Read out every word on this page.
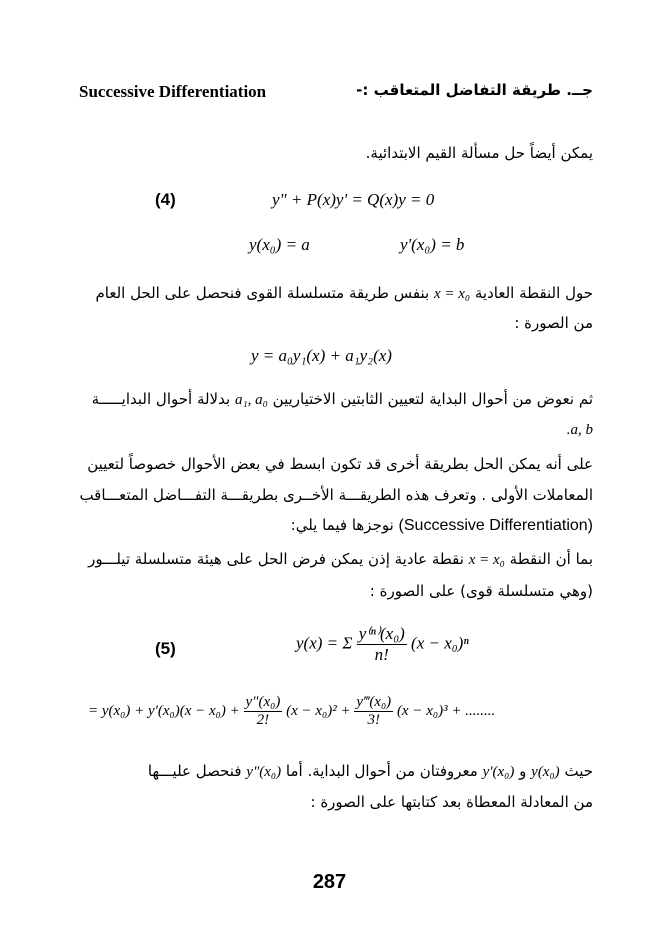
Successive Differentiation	جــ. طريقة التفاضل المتعاقب :-
يمكن أيضاً حل مسألة القيم الابتدائية.
(4)	y" + P(x)y' = Q(x)y = 0
y(x₀) = a	y'(x₀) = b
حول النقطة العادية x = x₀ بنفس طريقة متسلسلة القوى فنحصل على الحل العام
من الصورة :
y = a₀y₁(x) + a₁y₂(x)
ثم نعوض من أحوال البداية لتعيين الثابتين الاختياريين a₁, a₀ بدلالة أحوال البدايـــــة
.a, b
على أنه يمكن الحل بطريقة أخرى قد تكون ابسط في بعض الأحوال خصوصاً لتعيين
المعاملات الأولى . وتعرف هذه الطريقـــة الأخــرى بطريقـــة التفـــاضل المتعـــاقب
(Successive Differentiation) نوجزها فيما يلي:
بما أن النقطة x = x₀ نقطة عادية إذن يمكن فرض الحل على هيئة متسلسلة تيلـــور
(وهي متسلسلة قوى) على الصورة :
(5)	y(x) = Σ $\frac{\text{y⁽ⁿ⁾(x₀)}}{n!} (x - x_0)^n$
= $y(x_0) + y'(x_0)(x - x_0) + \frac{\text{y"(x₀)}}{2!} (x - x_0)^2 + \frac{\text{y‴(x₀)}}{3!} (x - x_0)^3$ + ........
حيث y(x₀) و y'(x₀) معروفتان من أحوال البداية. أما y"(x₀) فنحصل عليـــها
من المعادلة المعطاة بعد كتابتها على الصورة :
287
